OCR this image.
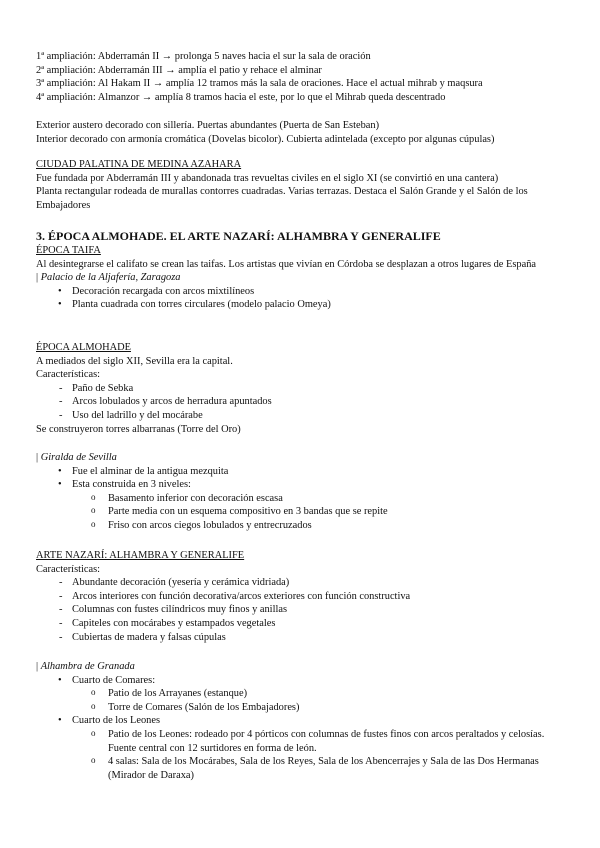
1ª ampliación: Abderramán II → prolonga 5 naves hacia el sur la sala de oración

2ª ampliación: Abderramán III → amplía el patio y rehace el alminar

3ª ampliación: Al Hakam II → amplía 12 tramos más la sala de oraciones. Hace el actual mihrab y maqsura

4ª ampliación: Almanzor → amplía 8 tramos hacia el este, por lo que el Mihrab queda descentrado

Exterior austero decorado con sillería. Puertas abundantes (Puerta de San Esteban)

Interior decorado con armonía cromática (Dovelas bicolor). Cubierta adintelada (excepto por algunas cúpulas)

CIUDAD PALATINA DE MEDINA AZAHARA

Fue fundada por Abderramán III y abandonada tras revueltas civiles en el siglo XI (se convirtió en una cantera)

Planta rectangular rodeada de murallas contorres cuadradas. Varias terrazas. Destaca el Salón Grande y el Salón de los Embajadores

3. ÉPOCA ALMOHADE. EL ARTE NAZARÍ: ALHAMBRA Y GENERALIFE

ÉPOCA TAIFA

Al desintegrarse el califato se crean las taifas. Los artistas que vivían en Córdoba se desplazan a otros lugares de España

| Palacio de la Aljafería, Zaragoza

• Decoración recargada con arcos mixtilíneos
• Planta cuadrada con torres circulares (modelo palacio Omeya)

ÉPOCA ALMOHADE

A mediados del siglo XII, Sevilla era la capital.

Características:

- Paño de Sebka
- Arcos lobulados y arcos de herradura apuntados
- Uso del ladrillo y del mocárabe

Se construyeron torres albarranas (Torre del Oro)

| Giralda de Sevilla

• Fue el alminar de la antigua mezquita
• Esta construida en 3 niveles:
o Basamento inferior con decoración escasa
o Parte media con un esquema compositivo en 3 bandas que se repite
o Friso con arcos ciegos lobulados y entrecruzados

ARTE NAZARÍ: ALHAMBRA Y GENERALIFE

Características:

- Abundante decoración (yesería y cerámica vidriada)
- Arcos interiores con función decorativa/arcos exteriores con función constructiva
- Columnas con fustes cilíndricos muy finos y anillas
- Capiteles con mocárabes y estampados vegetales
- Cubiertas de madera y falsas cúpulas

| Alhambra de Granada

• Cuarto de Comares:
o Patio de los Arrayanes (estanque)
o Torre de Comares (Salón de los Embajadores)
• Cuarto de los Leones
o Patio de los Leones: rodeado por 4 pórticos con columnas de fustes finos con arcos peraltados y celosías. Fuente central con 12 surtidores en forma de león.
o 4 salas: Sala de los Mocárabes, Sala de los Reyes, Sala de los Abencerrajes y Sala de las Dos Hermanas (Mirador de Daraxa)
